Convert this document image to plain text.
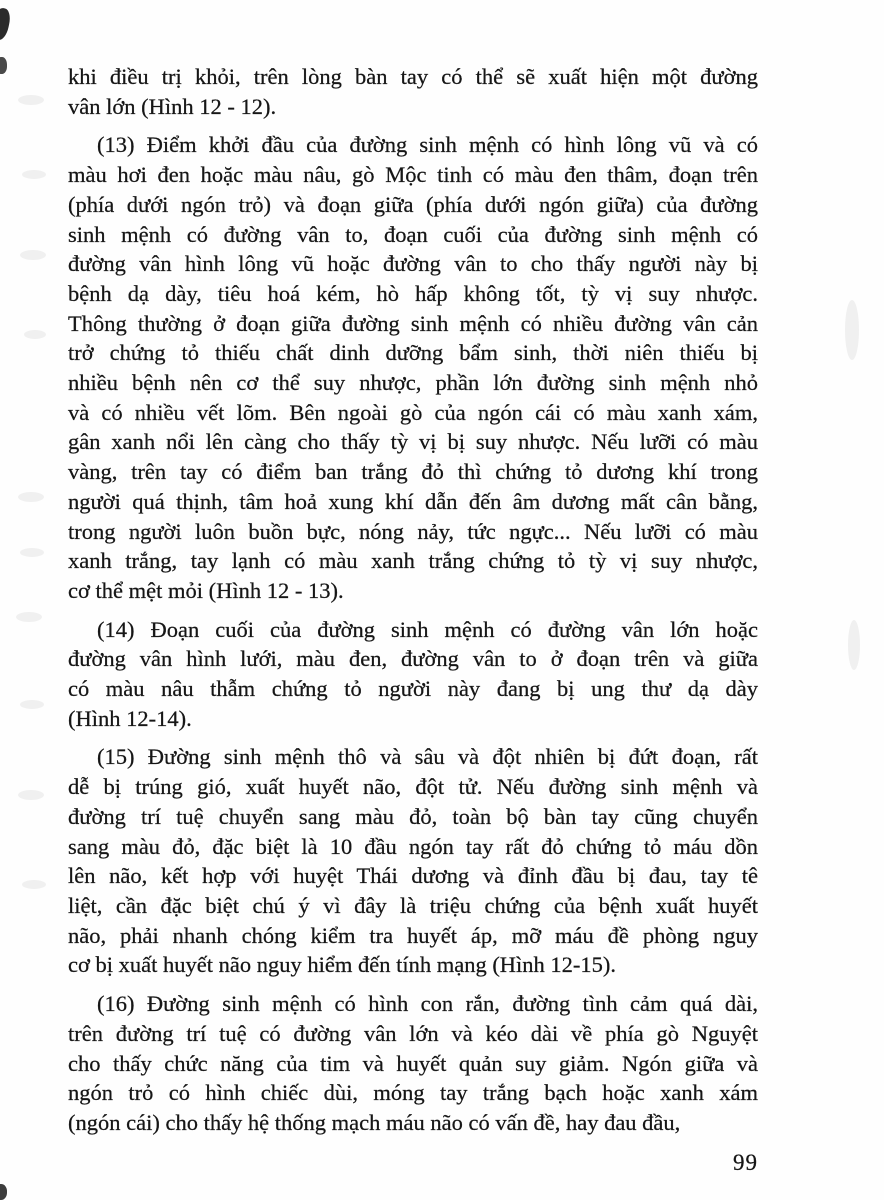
khi điều trị khỏi, trên lòng bàn tay có thể sẽ xuất hiện một đường
vân lớn (Hình 12 - 12).
(13) Điểm khởi đầu của đường sinh mệnh có hình lông vũ và có
màu hơi đen hoặc màu nâu, gò Mộc tinh có màu đen thâm, đoạn trên
(phía dưới ngón trỏ) và đoạn giữa (phía dưới ngón giữa) của đường
sinh mệnh có đường vân to, đoạn cuối của đường sinh mệnh có
đường vân hình lông vũ hoặc đường vân to cho thấy người này bị
bệnh dạ dày, tiêu hoá kém, hò hấp không tốt, tỳ vị suy nhược.
Thông thường ở đoạn giữa đường sinh mệnh có nhiều đường vân cản
trở chứng tỏ thiếu chất dinh dưỡng bẩm sinh, thời niên thiếu bị
nhiều bệnh nên cơ thể suy nhược, phần lớn đường sinh mệnh nhỏ
và có nhiều vết lõm. Bên ngoài gò của ngón cái có màu xanh xám,
gân xanh nổi lên càng cho thấy tỳ vị bị suy nhược. Nếu lưỡi có màu
vàng, trên tay có điểm ban trắng đỏ thì chứng tỏ dương khí trong
người quá thịnh, tâm hoả xung khí dẫn đến âm dương mất cân bằng,
trong người luôn buồn bực, nóng nảy, tức ngực... Nếu lưỡi có màu
xanh trắng, tay lạnh có màu xanh trắng chứng tỏ tỳ vị suy nhược,
cơ thể mệt mỏi (Hình 12 - 13).
(14) Đoạn cuối của đường sinh mệnh có đường vân lớn hoặc
đường vân hình lưới, màu đen, đường vân to ở đoạn trên và giữa
có màu nâu thẫm chứng tỏ người này đang bị ung thư dạ dày
(Hình 12-14).
(15) Đường sinh mệnh thô và sâu và đột nhiên bị đứt đoạn, rất
dễ bị trúng gió, xuất huyết não, đột tử. Nếu đường sinh mệnh và
đường trí tuệ chuyển sang màu đỏ, toàn bộ bàn tay cũng chuyển
sang màu đỏ, đặc biệt là 10 đầu ngón tay rất đỏ chứng tỏ máu dồn
lên não, kết hợp với huyệt Thái dương và đỉnh đầu bị đau, tay tê
liệt, cần đặc biệt chú ý vì đây là triệu chứng của bệnh xuất huyết
não, phải nhanh chóng kiểm tra huyết áp, mỡ máu đề phòng nguy
cơ bị xuất huyết não nguy hiểm đến tính mạng (Hình 12-15).
(16) Đường sinh mệnh có hình con rắn, đường tình cảm quá dài,
trên đường trí tuệ có đường vân lớn và kéo dài về phía gò Nguyệt
cho thấy chức năng của tim và huyết quản suy giảm. Ngón giữa và
ngón trỏ có hình chiếc dùi, móng tay trắng bạch hoặc xanh xám
(ngón cái) cho thấy hệ thống mạch máu não có vấn đề, hay đau đầu,
99
